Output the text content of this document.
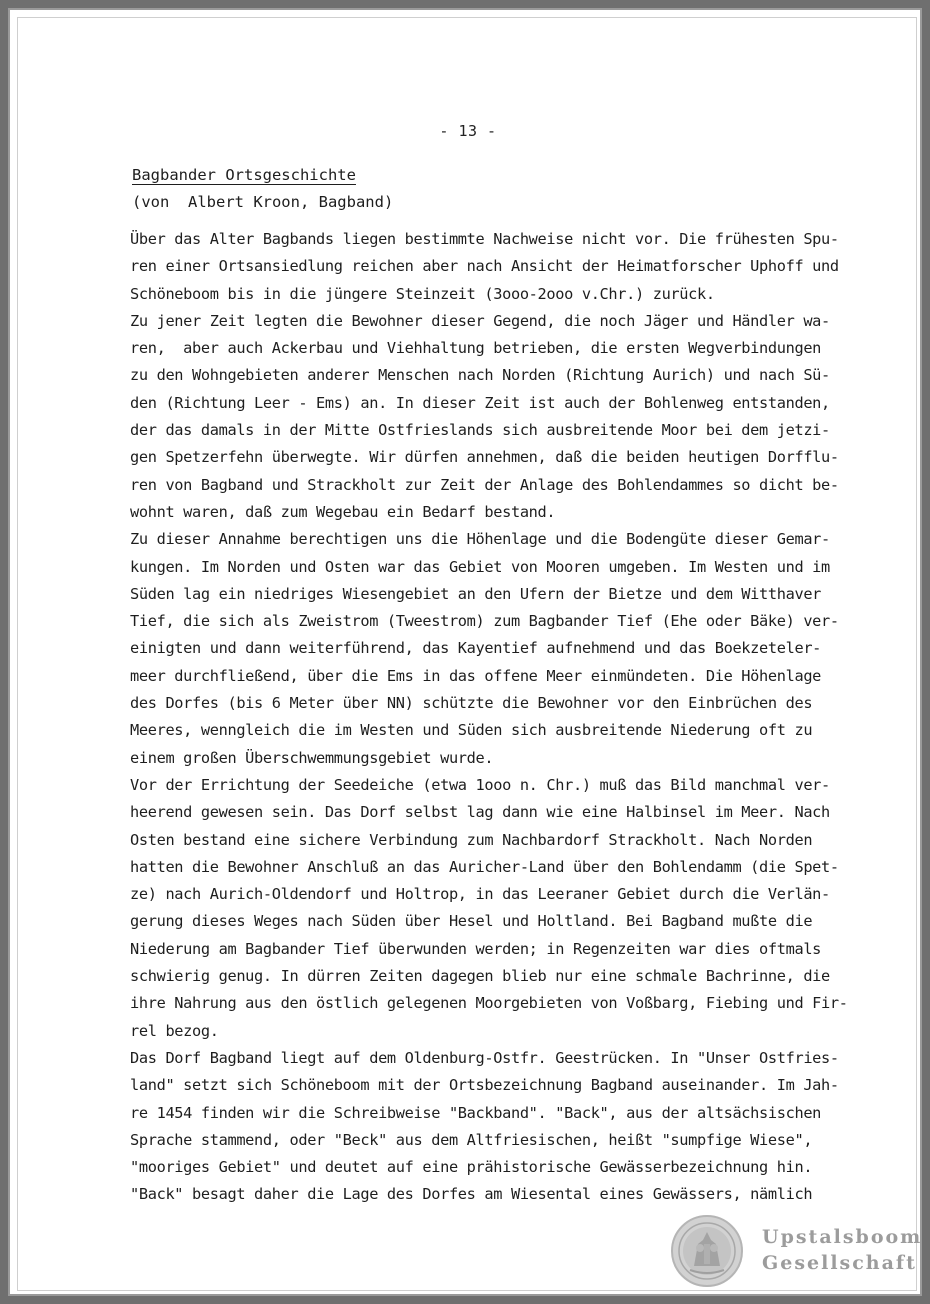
- 13 -
Bagbander Ortsgeschichte
(von  Albert Kroon, Bagband)
Über das Alter Bagbands liegen bestimmte Nachweise nicht vor. Die frühesten Spu-
ren einer Ortsansiedlung reichen aber nach Ansicht der Heimatforscher Uphoff und
Schöneboom bis in die jüngere Steinzeit (3ooo-2ooo v.Chr.) zurück.
Zu jener Zeit legten die Bewohner dieser Gegend, die noch Jäger und Händler wa-
ren,  aber auch Ackerbau und Viehhaltung betrieben, die ersten Wegverbindungen
zu den Wohngebieten anderer Menschen nach Norden (Richtung Aurich) und nach Sü-
den (Richtung Leer - Ems) an. In dieser Zeit ist auch der Bohlenweg entstanden,
der das damals in der Mitte Ostfrieslands sich ausbreitende Moor bei dem jetzi-
gen Spetzerfehn überwegte. Wir dürfen annehmen, daß die beiden heutigen Dorfflu-
ren von Bagband und Strackholt zur Zeit der Anlage des Bohlendammes so dicht be-
wohnt waren, daß zum Wegebau ein Bedarf bestand.
Zu dieser Annahme berechtigen uns die Höhenlage und die Bodengüte dieser Gemar-
kungen. Im Norden und Osten war das Gebiet von Mooren umgeben. Im Westen und im
Süden lag ein niedriges Wiesengebiet an den Ufern der Bietze und dem Witthaver
Tief, die sich als Zweistrom (Tweestrom) zum Bagbander Tief (Ehe oder Bäke) ver-
einigten und dann weiterführend, das Kayentief aufnehmend und das Boekzeteler-
meer durchfließend, über die Ems in das offene Meer einmündeten. Die Höhenlage
des Dorfes (bis 6 Meter über NN) schützte die Bewohner vor den Einbrüchen des
Meeres, wenngleich die im Westen und Süden sich ausbreitende Niederung oft zu
einem großen Überschwemmungsgebiet wurde.
Vor der Errichtung der Seedeiche (etwa 1ooo n. Chr.) muß das Bild manchmal ver-
heerend gewesen sein. Das Dorf selbst lag dann wie eine Halbinsel im Meer. Nach
Osten bestand eine sichere Verbindung zum Nachbardorf Strackholt. Nach Norden
hatten die Bewohner Anschluß an das Auricher-Land über den Bohlendamm (die Spet-
ze) nach Aurich-Oldendorf und Holtrop, in das Leeraner Gebiet durch die Verlän-
gerung dieses Weges nach Süden über Hesel und Holtland. Bei Bagband mußte die
Niederung am Bagbander Tief überwunden werden; in Regenzeiten war dies oftmals
schwierig genug. In dürren Zeiten dagegen blieb nur eine schmale Bachrinne, die
ihre Nahrung aus den östlich gelegenen Moorgebieten von Voßbarg, Fiebing und Fir-
rel bezog.
Das Dorf Bagband liegt auf dem Oldenburg-Ostfr. Geestrücken. In "Unser Ostfries-
land" setzt sich Schöneboom mit der Ortsbezeichnung Bagband auseinander. Im Jah-
re 1454 finden wir die Schreibweise "Backband". "Back", aus der altsächsischen
Sprache stammend, oder "Beck" aus dem Altfriesischen, heißt "sumpfige Wiese",
"mooriges Gebiet" und deutet auf eine prähistorische Gewässerbezeichnung hin.
"Back" besagt daher die Lage des Dorfes am Wiesental eines Gewässers, nämlich
Upstalsboom
Gesellschaft
